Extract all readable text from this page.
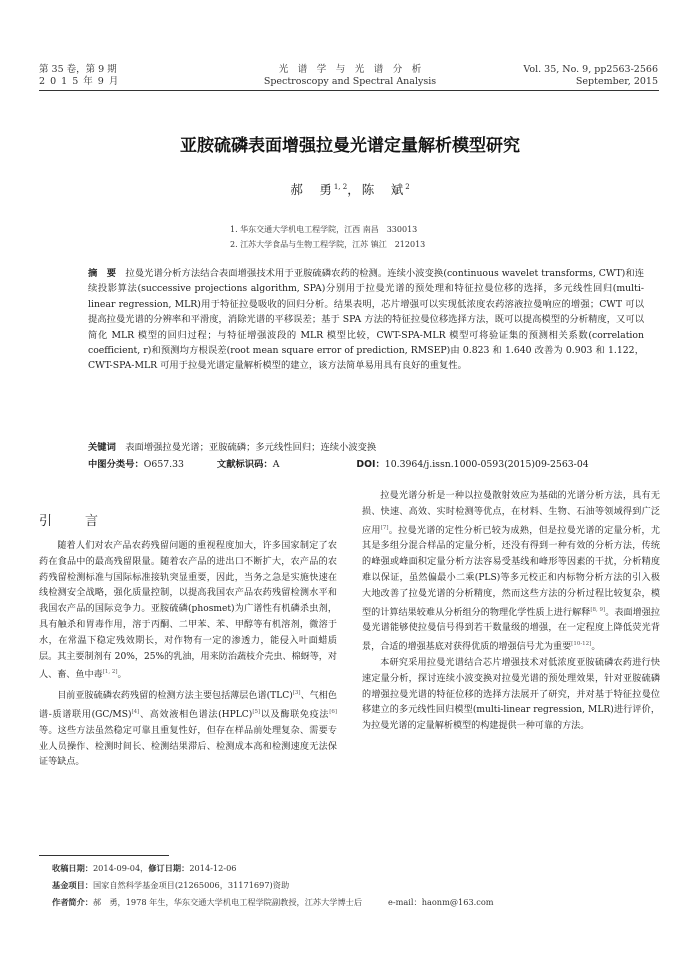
第 35 卷，第 9 期
2 0 1 5 年 9 月
光　谱　学　与　光　谱　分　析
Spectroscopy and Spectral Analysis
Vol. 35, No. 9, pp2563-2566
September, 2015
亚胺硫磷表面增强拉曼光谱定量解析模型研究
郝　勇$^{1, 2}$，陈　斌$^2$
1. 华东交通大学机电工程学院，江西 南昌　330013
2. 江苏大学食品与生物工程学院，江苏 镇江　212013
摘　要　 拉曼光谱分析方法结合表面增强技术用于亚胺硫磷农药的检测。连续小波变换(continuous wavelet transforms, CWT)和连续投影算法(successive projections algorithm, SPA)分别用于拉曼光谱的预处理和特征拉曼位移的选择，多元线性回归(multi-linear regression, MLR)用于特征拉曼吸收的回归分析。结果表明，芯片增强可以实现低浓度农药溶液拉曼响应的增强；CWT 可以提高拉曼光谱的分辨率和平滑度，消除光谱的平移误差；基于 SPA 方法的特征拉曼位移选择方法，既可以提高模型的分析精度，又可以简化 MLR 模型的回归过程；与特征增强波段的 MLR 模型比较，CWT-SPA-MLR 模型可将验证集的预测相关系数(correlation coefficient, r)和预测均方根误差(root mean square error of prediction, RMSEP)由 0.823 和 1.640 改善为 0.903 和 1.122，CWT-SPA-MLR 可用于拉曼光谱定量解析模型的建立，该方法简单易用具有良好的重复性。
关键词　 表面增强拉曼光谱；亚胺硫磷；多元线性回归；连续小波变换
中图分类号：O657.33	文献标识码：A	DOI：10.3964/j.issn.1000-0593(2015)09-2563-04
引　言

随着人们对农产品农药残留问题的重视程度加大，许多国家制定了农药在食品中的最高残留限量。随着农产品的进出口不断扩大，农产品的农药残留检测标准与国际标准接轨突显重要，因此，当务之急是实施快速在线检测安全战略，强化质量控制，以提高我国农产品农药残留检测水平和我国农产品的国际竞争力。亚胺硫磷(phosmet)为广谱性有机磷杀虫剂，具有触杀和胃毒作用，溶于丙酮、二甲苯、苯、甲醇等有机溶剂，微溶于水，在常温下稳定残效期长，对作物有一定的渗透力，能侵入叶面蜡质层。其主要制剂有 20%，25%的乳油，用来防治蔬枝介壳虫、棉蚜等，对人、畜、鱼中毒[1, 2]。

目前亚胺硫磷农药残留的检测方法主要包括薄层色谱(TLC)[3]、气相色谱-质谱联用(GC/MS)[4]、高效液相色谱法(HPLC)[5]以及酶联免疫法[6]等。这些方法虽然稳定可靠且重复性好，但存在样品前处理复杂、需要专业人员操作、检测时间长、检测结果滞后、检测成本高和检测速度无法保证等缺点。

拉曼光谱分析是一种以拉曼散射效应为基础的光谱分析方法，具有无损、快速、高效、实时检测等优点，在材料、生物、石油等领域得到广泛应用[7]。拉曼光谱的定性分析已较为成熟，但是拉曼光谱的定量分析，尤其是多组分混合样品的定量分析，还没有得到一种有效的分析方法，传统的峰强或峰面积定量分析方法容易受基线和峰形等因素的干扰，分析精度难以保证，虽然偏最小二乘(PLS)等多元校正和内标物分析方法的引入极大地改善了拉曼光谱的分析精度，然而这些方法的分析过程比较复杂，模型的计算结果较难从分析组分的物理化学性质上进行解释[8, 9]。表面增强拉曼光谱能够使拉曼信号得到若干数量级的增强，在一定程度上降低荧光背景，合适的增强基底对获得优质的增强信号尤为重要[10-12]。

本研究采用拉曼光谱结合芯片增强技术对低浓度亚胺硫磷农药进行快速定量分析，探讨连续小波变换对拉曼光谱的预处理效果，针对亚胺硫磷的增强拉曼光谱的特征位移的选择方法展开了研究，并对基于特征拉曼位移建立的多元线性回归模型(multi-linear regression, MLR)进行评价，为拉曼光谱的定量解析模型的构建提供一种可靠的方法。

收稿日期：2014-09-04，修订日期：2014-12-06
基金项目：国家自然科学基金项目(21265006，31171697)资助
作者简介：郝　勇，1978 年生，华东交通大学机电工程学院副教授，江苏大学博士后	e-mail：haonm@163.com
